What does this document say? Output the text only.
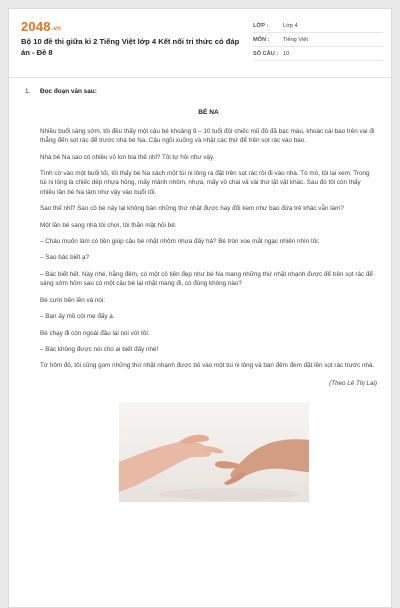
2048.vn
Bộ 10 đề thi giữa kì 2 Tiếng Việt lớp 4 Kết nối tri thức có đáp án - Đề 8
LỚP :	Lớp 4
MÔN :	Tiếng Việt
SỐ CÂU : 10
1.	Đọc đoạn văn sau:
BÉ NA

Nhiều buổi sáng sớm, tôi đều thấy một cậu bé khoảng 9 – 10 tuổi đội chiếc mũ đỏ đã bạc màu, khoác cái bao trên vai đi thẳng đến sọt rác để trước nhà bé Na. Cậu ngồi xuống và nhặt các thứ để trên sọt rác vào bao.

Nhà bé Na sao có nhiều vỏ lon bia thế nhỉ? Tôi tự hỏi như vậy.

Tình cờ vào một buổi tối, tôi thấy bé Na xách một túi ni lông ra đặt trên sọt rác rồi đi vào nhà. Tò mò, tôi lại xem. Trong túi ni lông là chiếc dép nhựa hỏng, mấy mảnh nhôm, nhựa, mấy vỏ chai và vài thứ lặt vặt khác. Sau đó tôi còn thấy nhiều lần bé Na làm như vậy vào buổi tối.

Sao thế nhỉ? Sao cô bé này lại không bán những thứ nhặt được hay đổi kem như bao đứa trẻ khác vẫn làm?

Một lần bé sang nhà tôi chơi, tôi thăn mật hỏi bé:

– Cháu muốn làm có tiền giúp cậu bé nhặt nhôm nhựa đấy hả? Bé tròn xoe mắt ngạc nhiên nhìn tôi:

– Sao bác biết ạ?

– Bác biết hết. Này nhé, hằng đêm, có một cô tiên đẹp như bé Na mang những thứ nhặt nhạnh được để trên sọt rác để sáng sớm hôm sau có một cậu bé lại nhặt mang đi, có đúng không nào?

Bé cười bẽn lẽn và nói:

– Bạn ấy mồ côi mẹ đấy ạ.

Bé chạy đi còn ngoái đầu lại nói với tôi:

– Bác không được nói cho ai biết đấy nhé!

Từ hôm đó, tôi cũng gom những thứ nhặt nhạnh được bỏ vào một túi ni lông và ban đêm đem đặt lên sọt rác trước nhà.

(Theo Lê Thị Lai)
